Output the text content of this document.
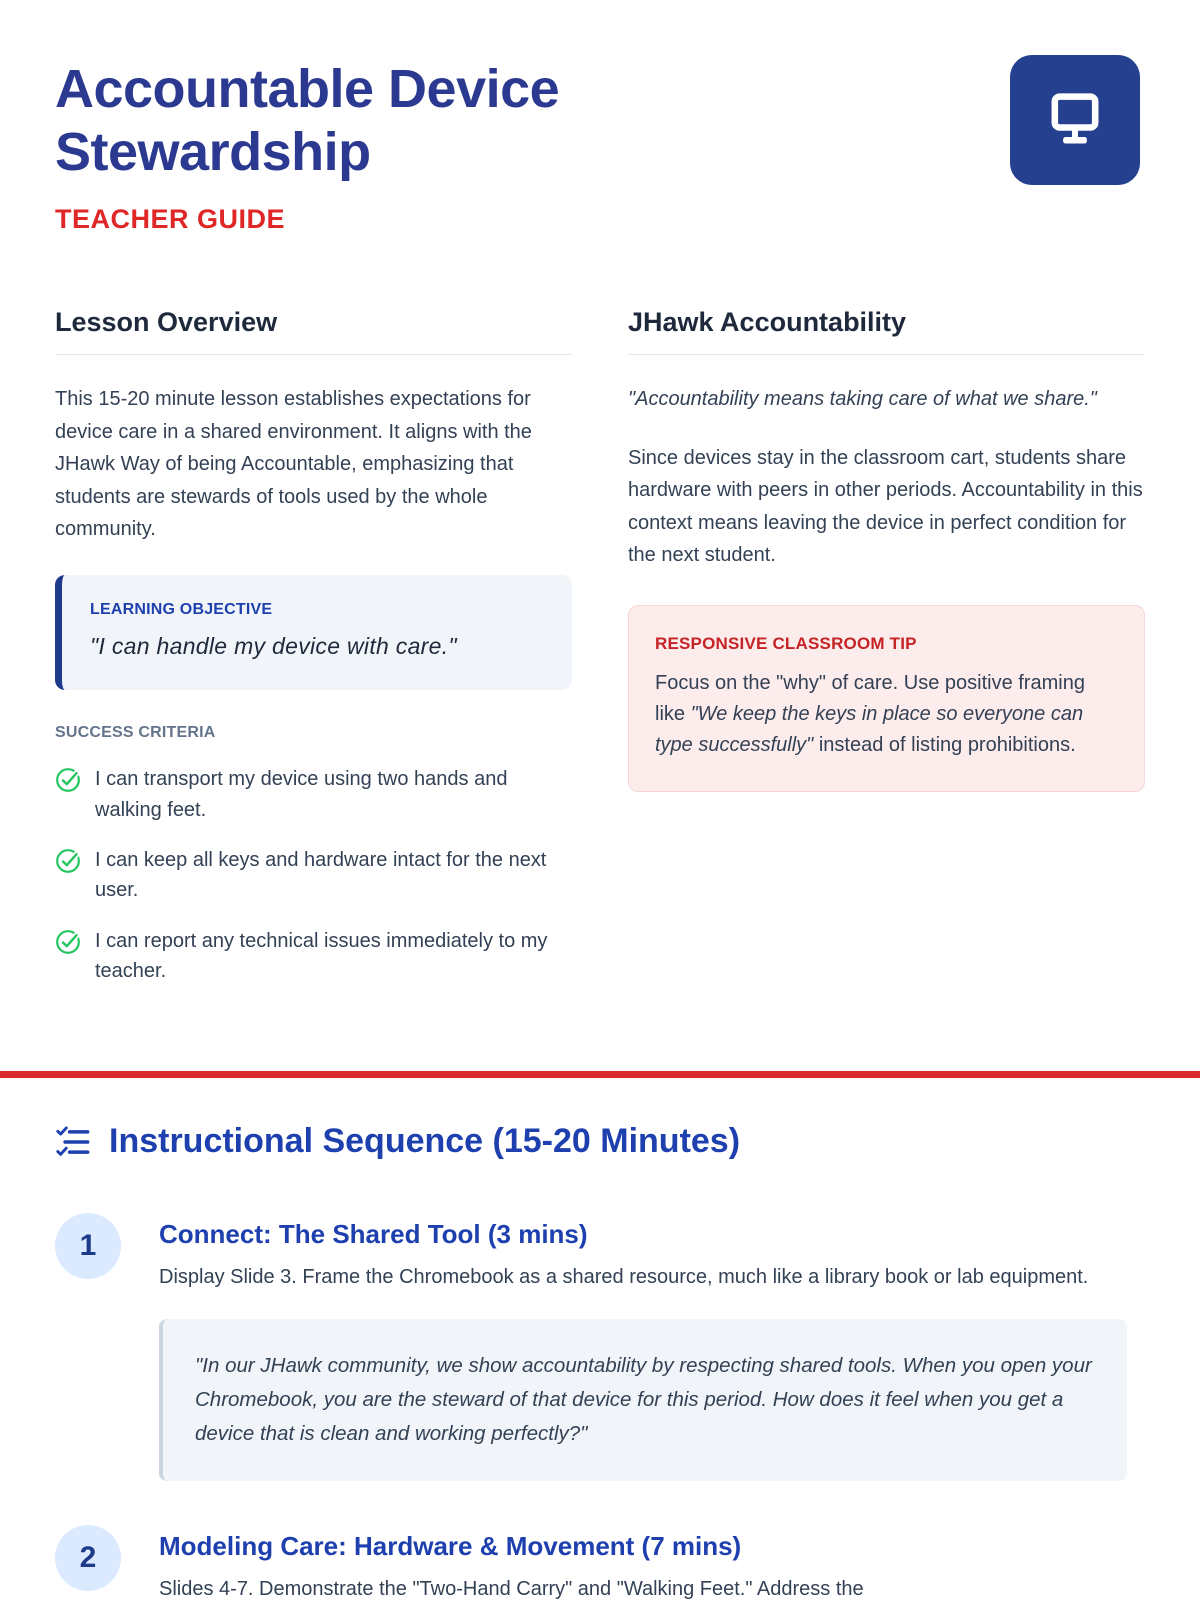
Accountable Device Stewardship
TEACHER GUIDE
Lesson Overview

This 15-20 minute lesson establishes expectations for device care in a shared environment. It aligns with the JHawk Way of being Accountable, emphasizing that students are stewards of tools used by the whole community.

LEARNING OBJECTIVE
"I can handle my device with care."
SUCCESS CRITERIA
I can transport my device using two hands and walking feet.
I can keep all keys and hardware intact for the next user.
I can report any technical issues immediately to my teacher.
JHawk Accountability

"Accountability means taking care of what we share."

Since devices stay in the classroom cart, students share hardware with peers in other periods. Accountability in this context means leaving the device in perfect condition for the next student.

RESPONSIVE CLASSROOM TIP
Focus on the "why" of care. Use positive framing like "We keep the keys in place so everyone can type successfully" instead of listing prohibitions.
Instructional Sequence (15-20 Minutes)
1	Connect: The Shared Tool (3 mins)
Display Slide 3. Frame the Chromebook as a shared resource, much like a library book or lab equipment.
"In our JHawk community, we show accountability by respecting shared tools. When you open your Chromebook, you are the steward of that device for this period. How does it feel when you get a device that is clean and working perfectly?"
2	Modeling Care: Hardware & Movement (7 mins)
Slides 4-7. Demonstrate the "Two-Hand Carry" and "Walking Feet." Address the
